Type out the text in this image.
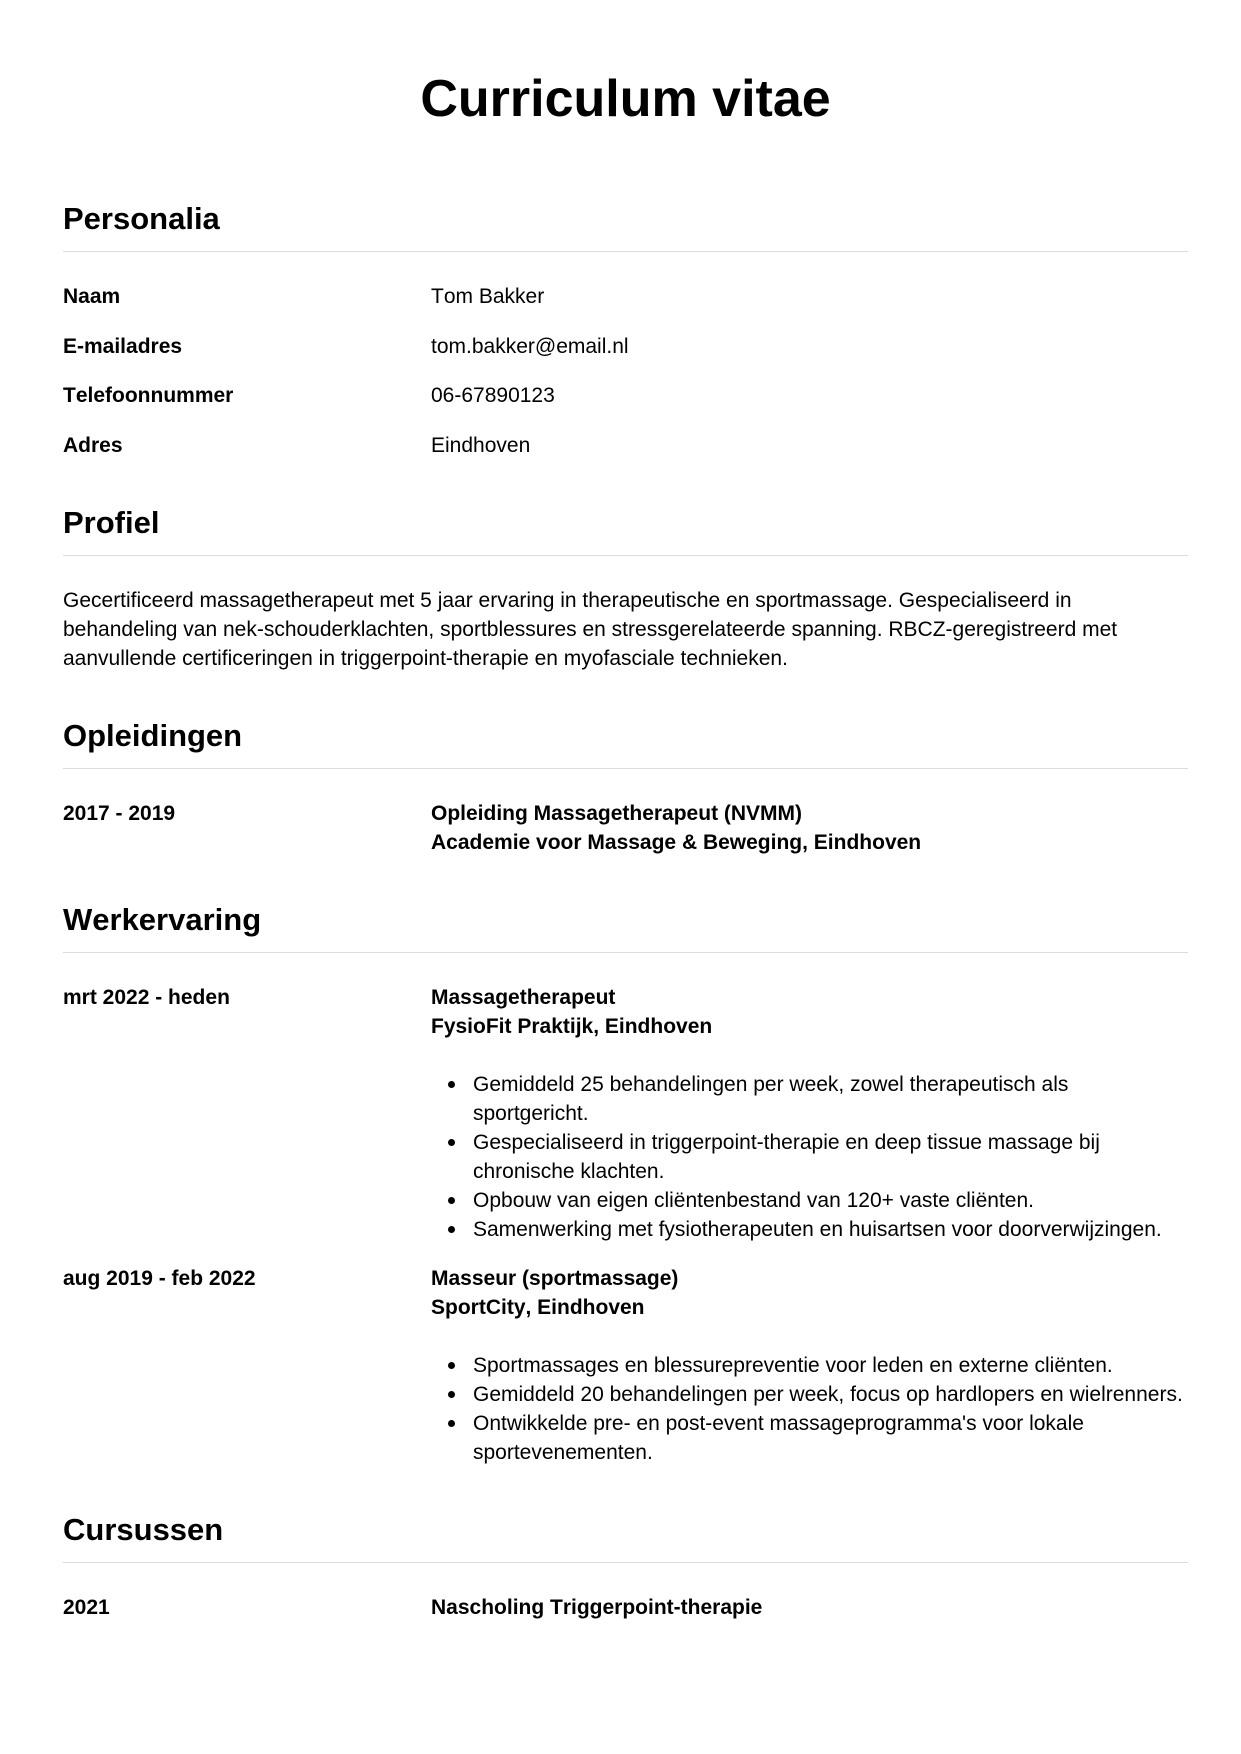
Curriculum vitae
Personalia
Naam	Tom Bakker
E-mailadres	tom.bakker@email.nl
Telefoonnummer	06-67890123
Adres	Eindhoven
Profiel

Gecertificeerd massagetherapeut met 5 jaar ervaring in therapeutische en sportmassage. Gespecialiseerd in behandeling van nek-schouderklachten, sportblessures en stressgerelateerde spanning. RBCZ-geregistreerd met aanvullende certificeringen in triggerpoint-therapie en myofasciale technieken.

Opleidingen
2017 - 2019	Opleiding Massagetherapeut (NVMM)
Academie voor Massage & Beweging, Eindhoven
Werkervaring
mrt 2022 - heden	Massagetherapeut
FysioFit Praktijk, Eindhoven
Gemiddeld 25 behandelingen per week, zowel therapeutisch als sportgericht.
Gespecialiseerd in triggerpoint-therapie en deep tissue massage bij chronische klachten.
Opbouw van eigen cliëntenbestand van 120+ vaste cliënten.
Samenwerking met fysiotherapeuten en huisartsen voor doorverwijzingen.
aug 2019 - feb 2022	Masseur (sportmassage)
SportCity, Eindhoven
Sportmassages en blessurepreventie voor leden en externe cliënten.
Gemiddeld 20 behandelingen per week, focus op hardlopers en wielrenners.
Ontwikkelde pre- en post-event massageprogramma's voor lokale sportevenementen.
Cursussen
2021	Nascholing Triggerpoint-therapie
